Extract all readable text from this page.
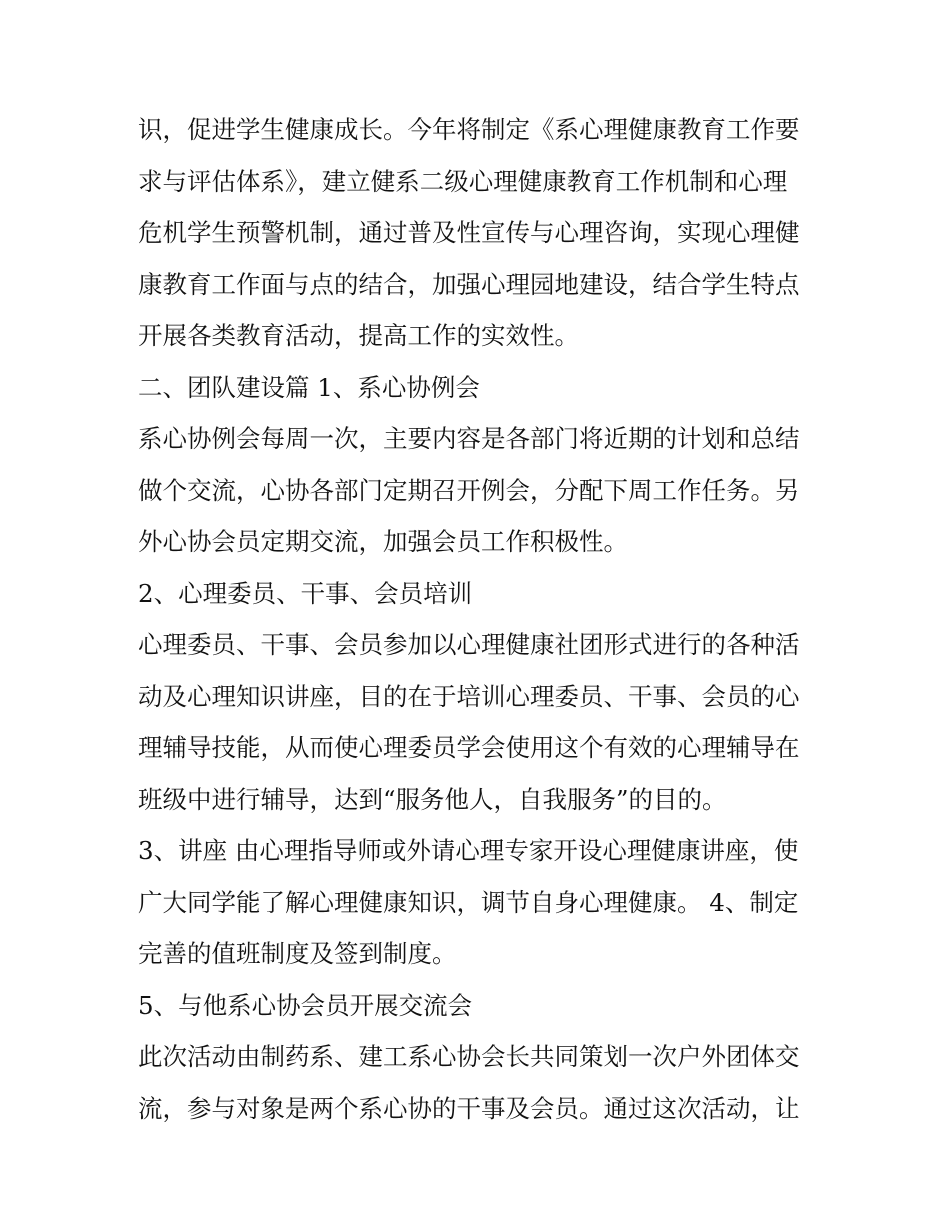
识，促进学生健康成长。今年将制定《系心理健康教育工作要
求与评估体系》，建立健系二级心理健康教育工作机制和心理
危机学生预警机制，通过普及性宣传与心理咨询，实现心理健
康教育工作面与点的结合，加强心理园地建设，结合学生特点
开展各类教育活动，提高工作的实效性。
二、团队建设篇 1、系心协例会
系心协例会每周一次，主要内容是各部门将近期的计划和总结
做个交流，心协各部门定期召开例会，分配下周工作任务。另
外心协会员定期交流，加强会员工作积极性。
2、心理委员、干事、会员培训
心理委员、干事、会员参加以心理健康社团形式进行的各种活
动及心理知识讲座，目的在于培训心理委员、干事、会员的心
理辅导技能，从而使心理委员学会使用这个有效的心理辅导在
班级中进行辅导，达到“服务他人，自我服务”的目的。
3、讲座 由心理指导师或外请心理专家开设心理健康讲座，使
广大同学能了解心理健康知识，调节自身心理健康。 4、制定
完善的值班制度及签到制度。
5、与他系心协会员开展交流会
此次活动由制药系、建工系心协会长共同策划一次户外团体交
流，参与对象是两个系心协的干事及会员。通过这次活动，让
